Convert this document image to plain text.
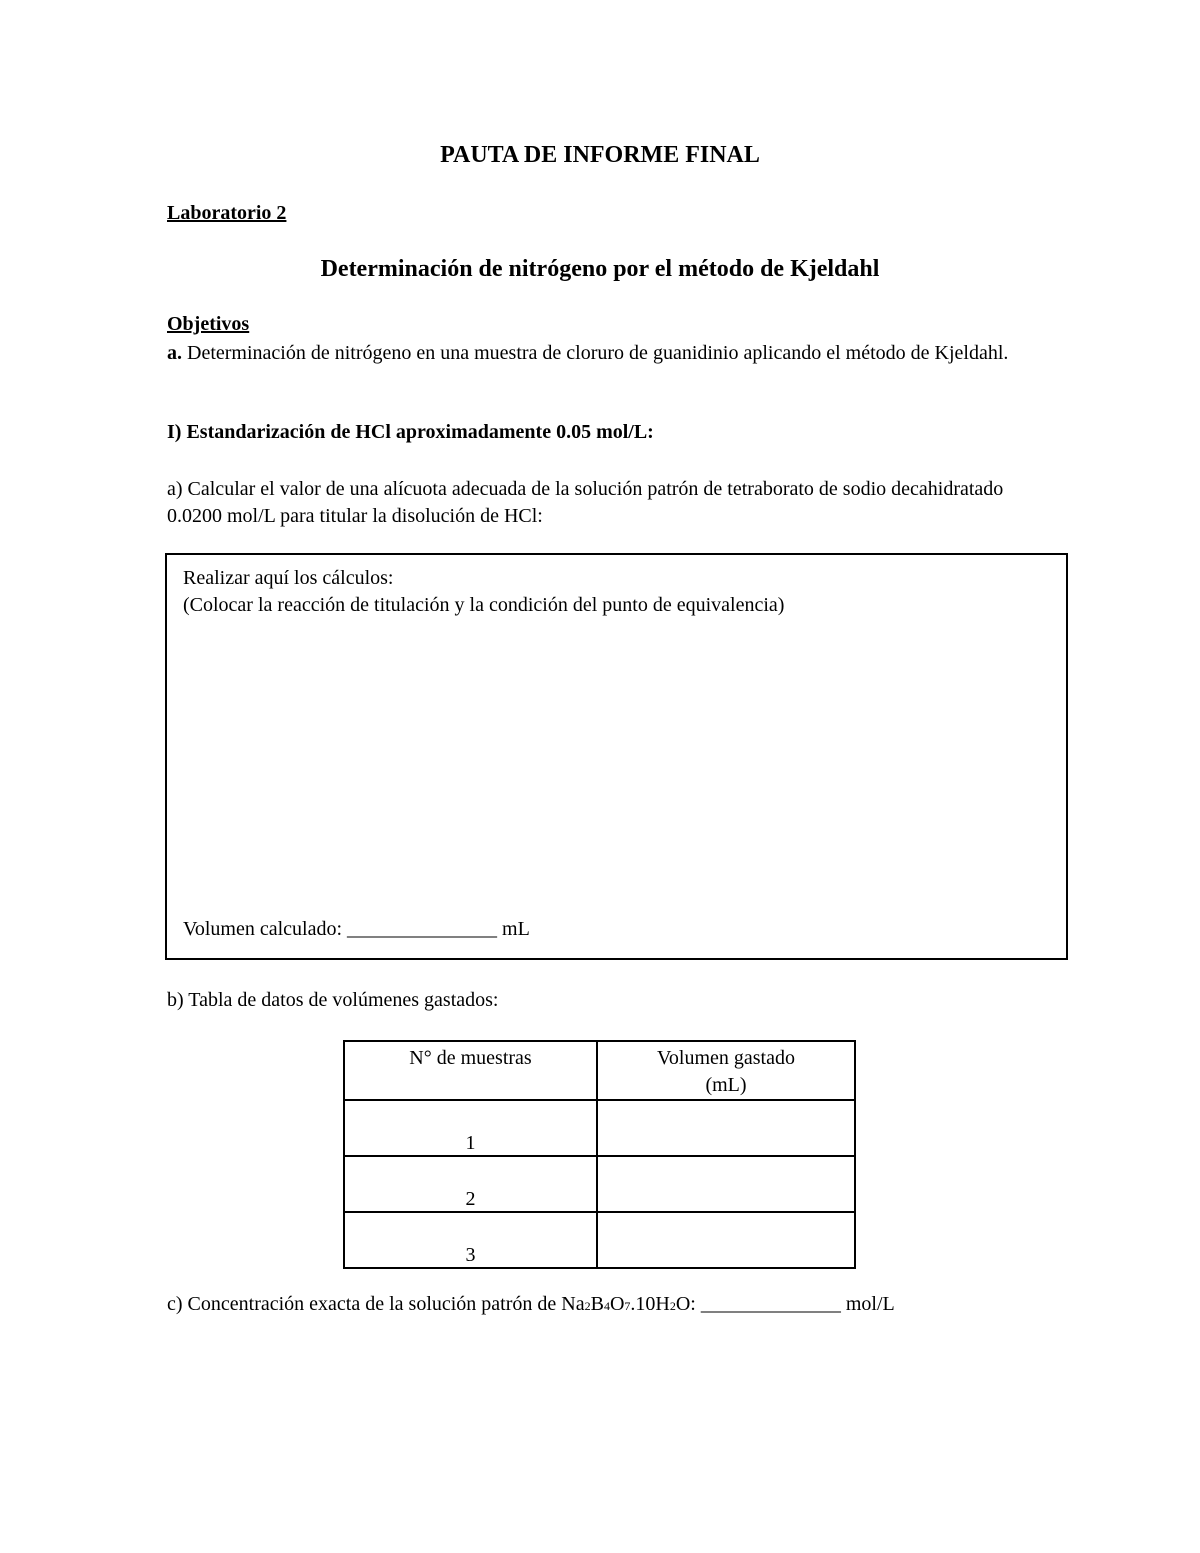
PAUTA DE INFORME FINAL
Laboratorio 2
Determinación de nitrógeno por el método de Kjeldahl
Objetivos
a. Determinación de nitrógeno en una muestra de cloruro de guanidinio aplicando el método de Kjeldahl.
I) Estandarización de HCl aproximadamente 0.05 mol/L:
a) Calcular el valor de una alícuota adecuada de la solución patrón de tetraborato de sodio decahidratado 0.0200 mol/L para titular la disolución de HCl:
Realizar aquí los cálculos:
(Colocar la reacción de titulación y la condición del punto de equivalencia)
Volumen calculado: _______________ mL
b) Tabla de datos de volúmenes gastados:
N° de muestras	Volumen gastado
(mL)

1	
2	
3	
c) Concentración exacta de la solución patrón de Na2B4O7.10H2O: ______________ mol/L
